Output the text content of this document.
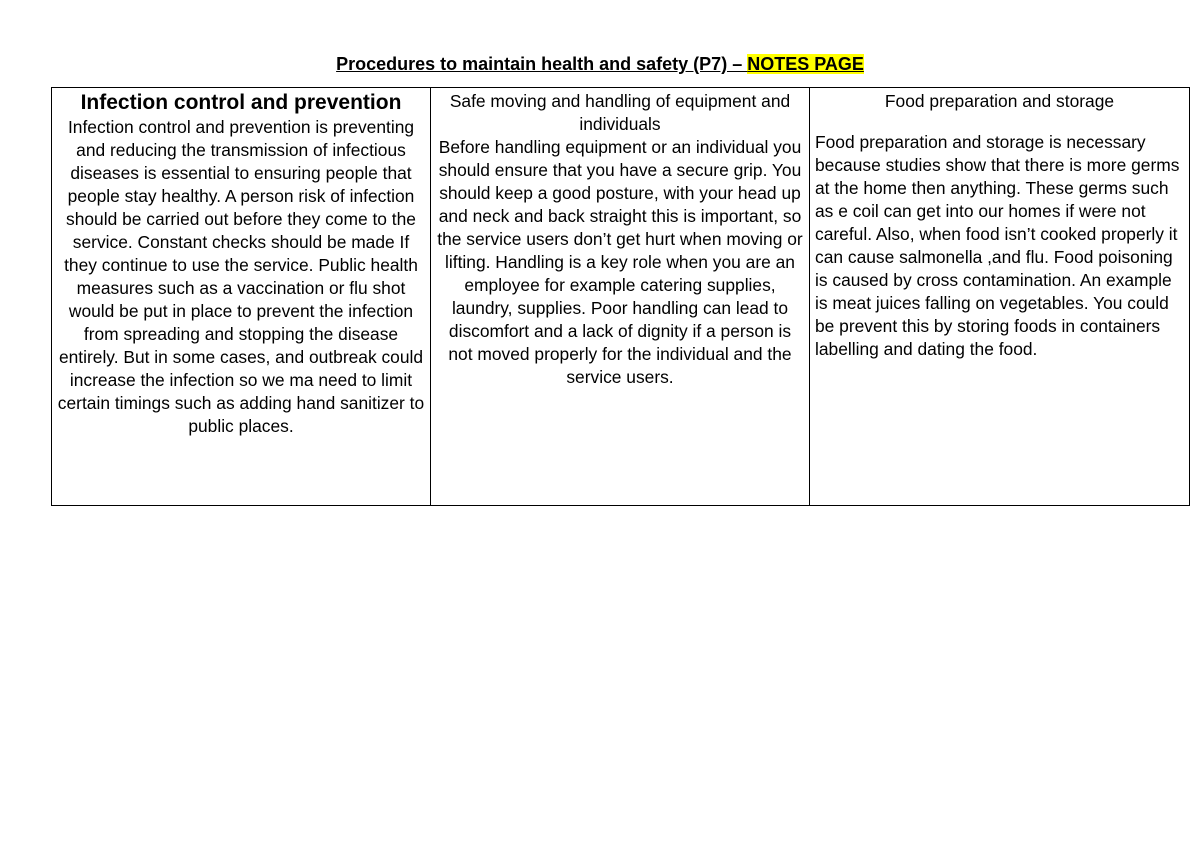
Procedures to maintain health and safety (P7) – NOTES PAGE
Infection control and prevention
Infection control and prevention is preventing and reducing the transmission of infectious diseases is essential to ensuring people that people stay healthy. A person risk of infection should be carried out before they come to the service. Constant checks should be made If they continue to use the service. Public health measures such as a vaccination or flu shot would be put in place to prevent the infection from spreading and stopping the disease entirely. But in some cases, and outbreak could increase the infection so we ma need to limit certain timings such as adding hand sanitizer to public places.

Safe moving and handling of equipment and individuals
Before handling equipment or an individual you should ensure that you have a secure grip. You should keep a good posture, with your head up and neck and back straight this is important, so the service users don’t get hurt when moving or lifting. Handling is a key role when you are an employee for example catering supplies, laundry, supplies. Poor handling can lead to discomfort and a lack of dignity if a person is not moved properly for the individual and the service users.

Food preparation and storage
Food preparation and storage is necessary because studies show that there is more germs at the home then anything. These germs such as e coil can get into our homes if were not careful. Also, when food isn’t cooked properly it can cause salmonella ,and flu. Food poisoning is caused by cross contamination. An example is meat juices falling on vegetables. You could be prevent this by storing foods in containers labelling and dating the food.
